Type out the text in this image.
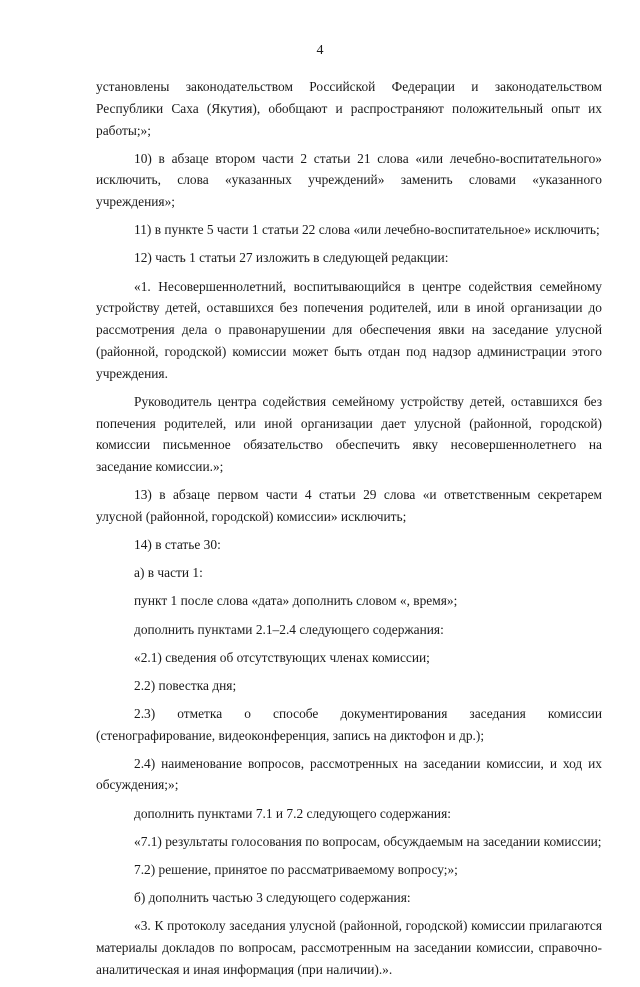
4

установлены законодательством Российской Федерации и законодательством Республики Саха (Якутия), обобщают и распространяют положительный опыт их работы;»;

10) в абзаце втором части 2 статьи 21 слова «или лечебно-воспитательного» исключить, слова «указанных учреждений» заменить словами «указанного учреждения»;

11) в пункте 5 части 1 статьи 22 слова «или лечебно-воспитательное» исключить;

12) часть 1 статьи 27 изложить в следующей редакции:

«1. Несовершеннолетний, воспитывающийся в центре содействия семейному устройству детей, оставшихся без попечения родителей, или в иной организации до рассмотрения дела о правонарушении для обеспечения явки на заседание улусной (районной, городской) комиссии может быть отдан под надзор администрации этого учреждения.

Руководитель центра содействия семейному устройству детей, оставшихся без попечения родителей, или иной организации дает улусной (районной, городской) комиссии письменное обязательство обеспечить явку несовершеннолетнего на заседание комиссии.»;

13) в абзаце первом части 4 статьи 29 слова «и ответственным секретарем улусной (районной, городской) комиссии» исключить;

14) в статье 30:

а) в части 1:

пункт 1 после слова «дата» дополнить словом «, время»;

дополнить пунктами 2.1–2.4 следующего содержания:

«2.1) сведения об отсутствующих членах комиссии;

2.2) повестка дня;

2.3) отметка о способе документирования заседания комиссии (стенографирование, видеоконференция, запись на диктофон и др.);

2.4) наименование вопросов, рассмотренных на заседании комиссии, и ход их обсуждения;»;

дополнить пунктами 7.1 и 7.2 следующего содержания:

«7.1) результаты голосования по вопросам, обсуждаемым на заседании комиссии;

7.2) решение, принятое по рассматриваемому вопросу;»;

б) дополнить частью 3 следующего содержания:

«3. К протоколу заседания улусной (районной, городской) комиссии прилагаются материалы докладов по вопросам, рассмотренным на заседании комиссии, справочно-аналитическая и иная информация (при наличии).».
